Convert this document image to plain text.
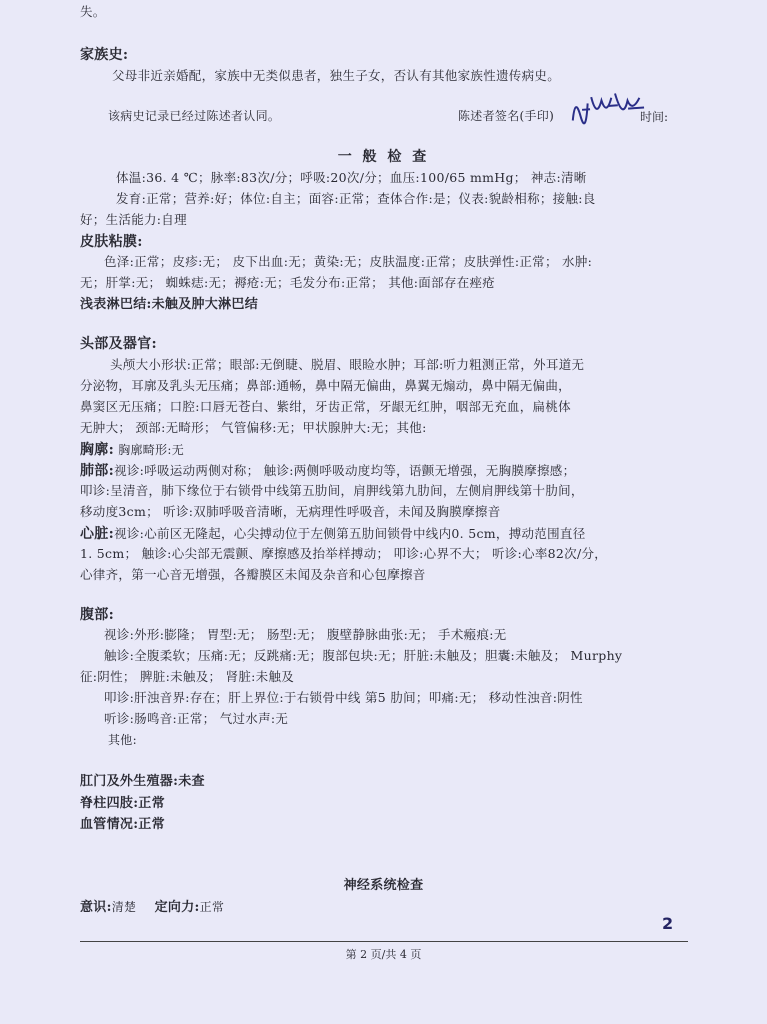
失。
家族史:
父母非近亲婚配，家族中无类似患者，独生子女，否认有其他家族性遗传病史。
该病史记录已经过陈述者认同。	陈述者签名(手印)	时间:
一 般 检 查
体温:36. 4 ℃；脉率:83次/分；呼吸:20次/分；血压:100/65 mmHg； 神志:清晰
发育:正常；营养:好；体位:自主；面容:正常；查体合作:是；仪表:貌龄相称；接触:良
好；生活能力:自理
皮肤粘膜:
色泽:正常；皮疹:无； 皮下出血:无；黄染:无；皮肤温度:正常；皮肤弹性:正常； 水肿:
无；肝掌:无； 蜘蛛痣:无；褥疮:无；毛发分布:正常； 其他:面部存在痤疮
浅表淋巴结:未触及肿大淋巴结
头部及器官:
头颅大小形状:正常；眼部:无倒睫、脱眉、眼睑水肿；耳部:听力粗测正常，外耳道无
分泌物，耳廓及乳头无压痛；鼻部:通畅，鼻中隔无偏曲，鼻翼无煽动，鼻中隔无偏曲，
鼻窦区无压痛；口腔:口唇无苍白、紫绀，牙齿正常，牙龈无红肿，咽部无充血，扁桃体
无肿大； 颈部:无畸形； 气管偏移:无；甲状腺肿大:无；其他:
胸廓: 胸廓畸形:无
肺部:视诊:呼吸运动两侧对称； 触诊:两侧呼吸动度均等，语颤无增强，无胸膜摩擦感；
叩诊:呈清音，肺下缘位于右锁骨中线第五肋间，肩胛线第九肋间，左侧肩胛线第十肋间，
移动度3cm； 听诊:双肺呼吸音清晰，无病理性呼吸音，未闻及胸膜摩擦音
心脏:视诊:心前区无隆起，心尖搏动位于左侧第五肋间锁骨中线内0. 5cm，搏动范围直径
1. 5cm； 触诊:心尖部无震颤、摩擦感及抬举样搏动； 叩诊:心界不大； 听诊:心率82次/分，
心律齐，第一心音无增强，各瓣膜区未闻及杂音和心包摩擦音
腹部:
视诊:外形:膨隆； 胃型:无； 肠型:无； 腹壁静脉曲张:无； 手术瘢痕:无
触诊:全腹柔软；压痛:无；反跳痛:无；腹部包块:无；肝脏:未触及；胆囊:未触及； Murphy
征:阴性； 脾脏:未触及； 肾脏:未触及
叩诊:肝浊音界:存在；肝上界位:于右锁骨中线 第5 肋间；叩痛:无； 移动性浊音:阴性
听诊:肠鸣音:正常； 气过水声:无
其他:
肛门及外生殖器:未查
脊柱四肢:正常
血管情况:正常
神经系统检查
意识:清楚 定向力:正常
2
第 2 页/共 4 页
